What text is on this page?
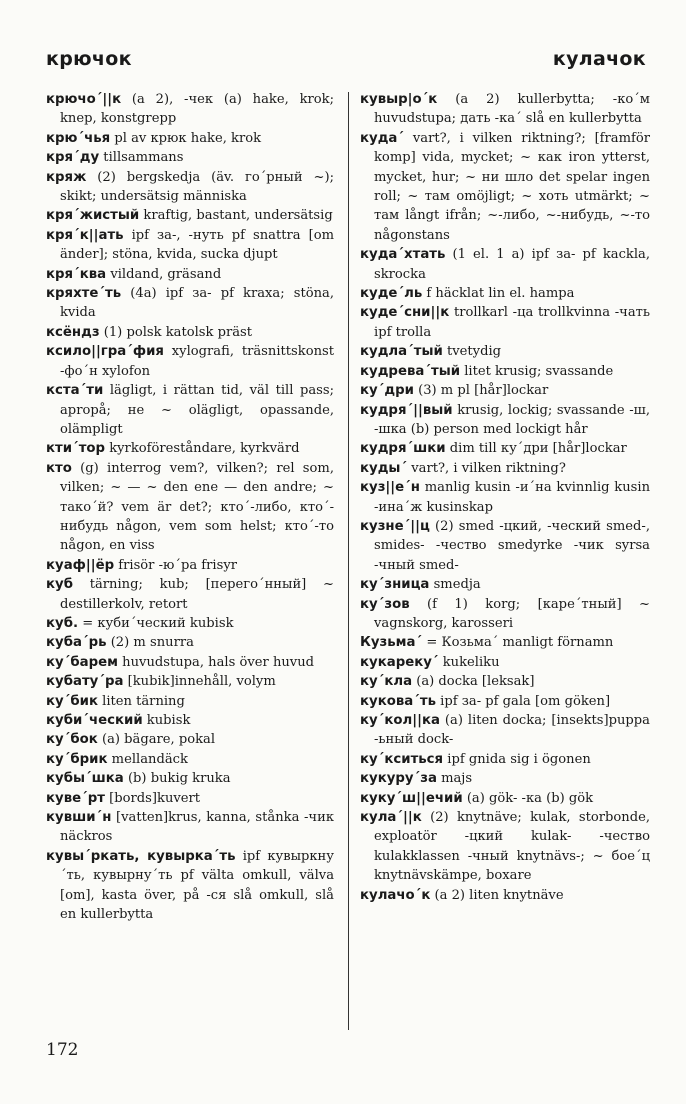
крючок	кулачок

крючо´||к (a 2), -чек (a) hake, krok; knep, konstgrepp

крю´чья pl av крюк hake, krok

кря´ду tillsammans

кряж (2) bergskedja (äv. го´рный ~); skikt; undersätsig människa

кря´жистый kraftig, bastant, undersätsig

кря´к||ать ipf за-, -нуть pf snattra [om änder]; stöna, kvida, sucka djupt

кря´ква vildand, gräsand

кряхте´ть (4a) ipf за- pf kraxa; stöna, kvida

ксёндз (1) polsk katolsk präst

ксило||гра´фия xylografi, träsnittskonst -фо´н xylofon

кста´ти lägligt, i rättan tid, väl till pass; apropå; не ~ olägligt, opassande, olämpligt

кти´тор kyrkoföreståndare, kyrkvärd

кто (g) interrog vem?, vilken?; rel som, vilken; ~ — ~ den ene — den andre; ~ тако´й? vem är det?; кто´-либо, кто´-нибудь någon, vem som helst; кто´-то någon, en viss

куаф||ёр frisör -ю´ра frisyr

куб tärning; kub; [перего´нный] ~ destillerkolv, retort

куб. = куби´ческий kubisk

куба´рь (2) m snurra

ку´барем huvudstupa, hals över huvud

кубату´ра [kubik]innehåll, volym

ку´бик liten tärning

куби´ческий kubisk

ку´бок (a) bägare, pokal

ку´брик mellandäck

кубы´шка (b) bukig kruka

куве´рт [bords]kuvert

кувши´н [vatten]krus, kanna, stånka -чик näckros

кувы´ркать, кувырка´ть ipf кувыркну´ть, кувырну´ть pf välta omkull, välva [om], kasta över, på -ся slå omkull, slå en kullerbytta

кувыр|о´к (a 2) kullerbytta; -ко´м huvudstupa; дать -ка´ slå en kullerbytta

куда´ vart?, i vilken riktning?; [framför komp] vida, mycket; ~ как iron ytterst, mycket, hur; ~ ни шло det spelar ingen roll; ~ там omöjligt; ~ хоть utmärkt; ~ там långt ifrån; ~-либо, ~-нибудь, ~-то någonstans

куда´хтать (1 el. 1 a) ipf за- pf kackla, skrocka

куде´ль f häcklat lin el. hampa

куде´сни||к trollkarl -ца trollkvinna -чать ipf trolla

кудла´тый tvetydig

кудрева´тый litet krusig; svassande

ку´дри (3) m pl [hår]lockar

кудря´||вый krusig, lockig; svassande -ш, -шка (b) person med lockigt hår

кудря´шки dim till ку´дри [hår]lockar

куды´ vart?, i vilken riktning?

куз||е´н manlig kusin -и´на kvinnlig kusin -ина´ж kusinskap

кузне´||ц (2) smed -цкий, -ческий smed-, smides- -чество smedyrke -чик syrsa -чный smed-

ку´зница smedja

ку´зов (f 1) korg; [каре´тный] ~ vagnskorg, karosseri

Кузьма´ = Козьма´ manligt förnamn

кукареку´ kukeliku

ку´кла (a) docka [leksak]

кукова´ть ipf за- pf gala [om göken]

ку´кол||ка (a) liten docka; [insekts]puppa -ьный dock-

ку´кситься ipf gnida sig i ögonen

кукуру´за majs

куку´ш||ечий (a) gök- -ка (b) gök

кула´||к (2) knytnäve; kulak, storbonde, exploatör -цкий kulak- -чество kulakklassen -чный knytnävs-; ~ бое´ц knytnävskämpe, boxare

кулачо´к (a 2) liten knytnäve

172
